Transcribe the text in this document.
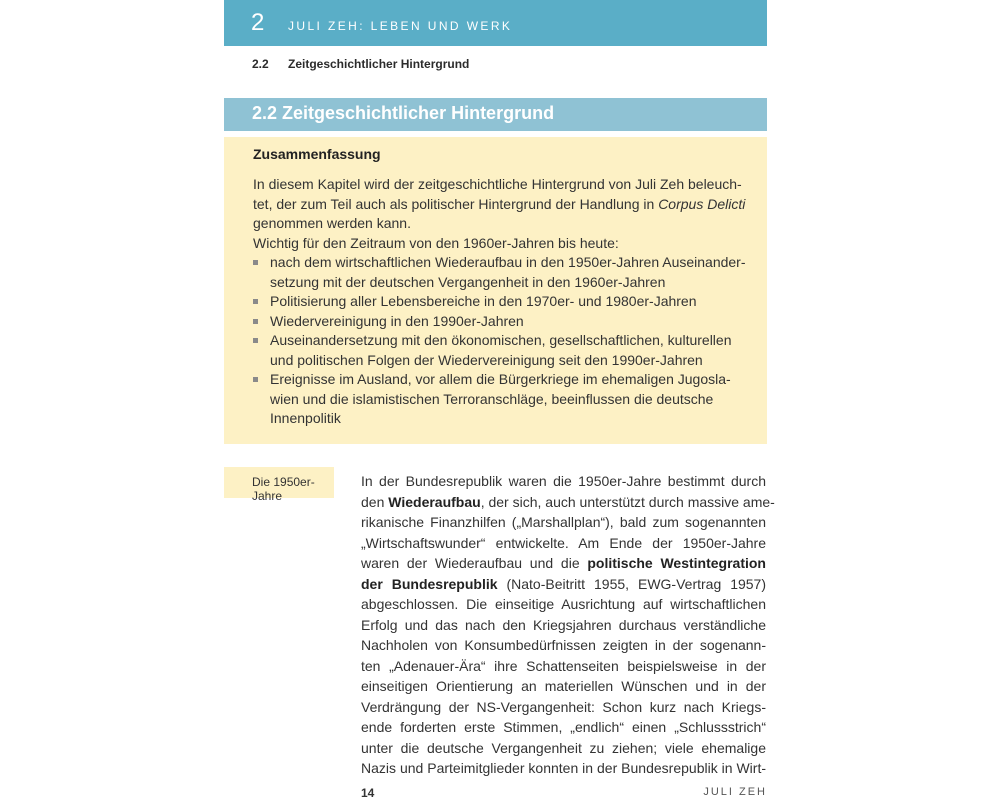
2 JULI ZEH: LEBEN UND WERK
2.2 Zeitgeschichtlicher Hintergrund
2.2 Zeitgeschichtlicher Hintergrund
Zusammenfassung

In diesem Kapitel wird der zeitgeschichtliche Hintergrund von Juli Zeh beleuch-
tet, der zum Teil auch als politischer Hintergrund der Handlung in Corpus Delicti
genommen werden kann.

Wichtig für den Zeitraum von den 1960er-Jahren bis heute:

nach dem wirtschaftlichen Wiederaufbau in den 1950er-Jahren Auseinander-
setzung mit der deutschen Vergangenheit in den 1960er-Jahren
Politisierung aller Lebensbereiche in den 1970er- und 1980er-Jahren
Wiedervereinigung in den 1990er-Jahren
Auseinandersetzung mit den ökonomischen, gesellschaftlichen, kulturellen
und politischen Folgen der Wiedervereinigung seit den 1990er-Jahren
Ereignisse im Ausland, vor allem die Bürgerkriege im ehemaligen Jugosla-
wien und die islamistischen Terroranschläge, beeinflussen die deutsche
Innenpolitik
Die 1950er-Jahre
In der Bundesrepublik waren die 1950er-Jahre bestimmt durch
den Wiederaufbau, der sich, auch unterstützt durch massive ame-
rikanische Finanzhilfen („Marshallplan“), bald zum sogenannten
„Wirtschaftswunder“ entwickelte. Am Ende der 1950er-Jahre
waren der Wiederaufbau und die politische Westintegration
der Bundesrepublik (Nato-Beitritt 1955, EWG-Vertrag 1957)
abgeschlossen. Die einseitige Ausrichtung auf wirtschaftlichen
Erfolg und das nach den Kriegsjahren durchaus verständliche
Nachholen von Konsumbedürfnissen zeigten in der sogenann-
ten „Adenauer-Ära“ ihre Schattenseiten beispielsweise in der
einseitigen Orientierung an materiellen Wünschen und in der
Verdrängung der NS-Vergangenheit: Schon kurz nach Kriegs-
ende forderten erste Stimmen, „endlich“ einen „Schlussstrich“
unter die deutsche Vergangenheit zu ziehen; viele ehemalige
Nazis und Parteimitglieder konnten in der Bundesrepublik in Wirt-
14	JULI ZEH
